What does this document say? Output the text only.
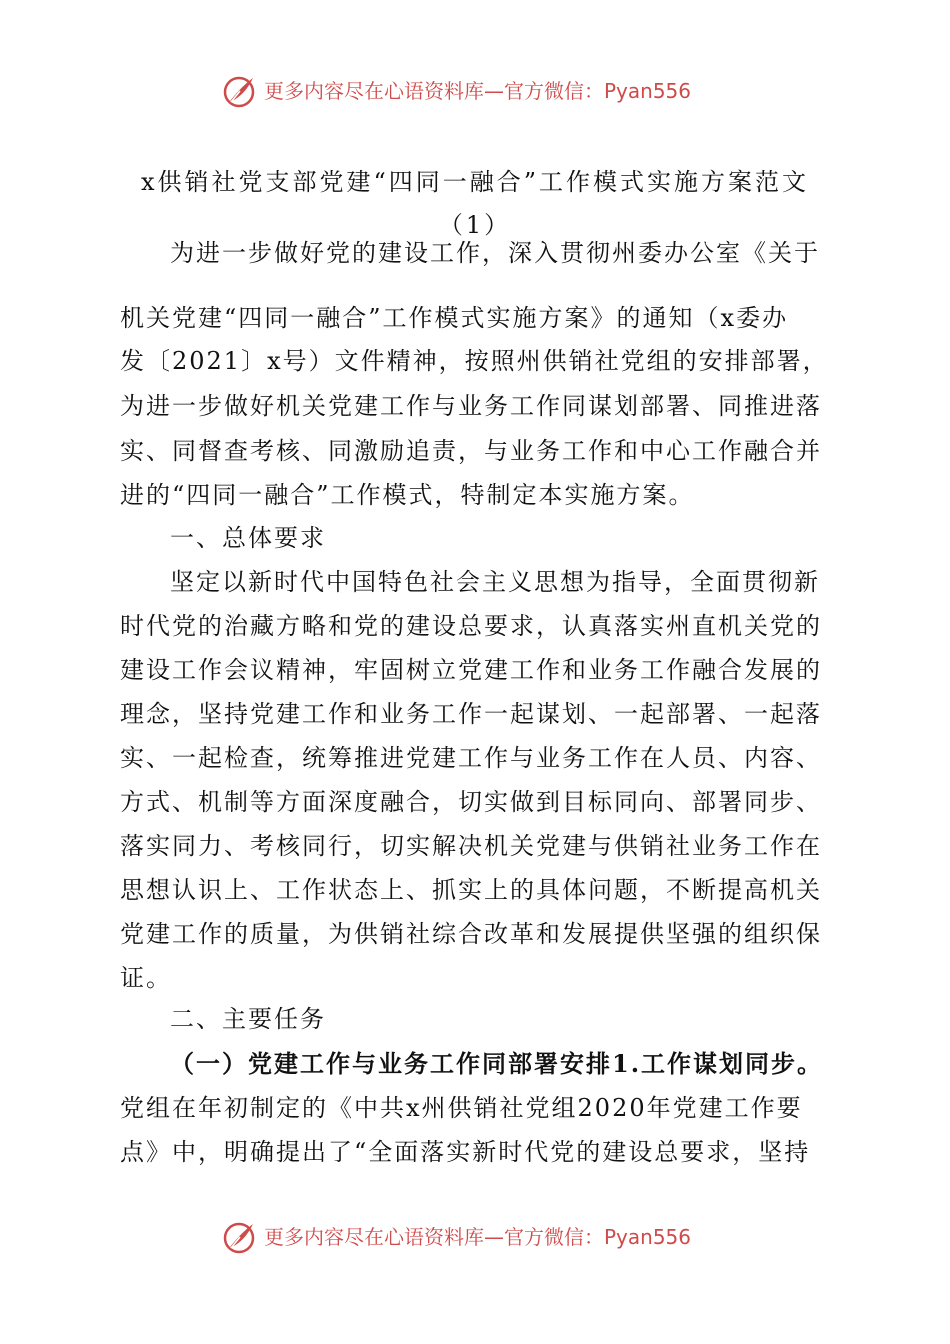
更多内容尽在心语资料库—官方微信：Pyan556
x供销社党支部党建“四同一融合”工作模式实施方案范文
（1）
为进一步做好党的建设工作，深入贯彻州委办公室《关于
机关党建“四同一融合”工作模式实施方案》的通知（x委办
发〔2021〕x号）文件精神，按照州供销社党组的安排部署，
为进一步做好机关党建工作与业务工作同谋划部署、同推进落
实、同督查考核、同激励追责，与业务工作和中心工作融合并
进的“四同一融合”工作模式，特制定本实施方案。
一、总体要求
坚定以新时代中国特色社会主义思想为指导，全面贯彻新
时代党的治藏方略和党的建设总要求，认真落实州直机关党的
建设工作会议精神，牢固树立党建工作和业务工作融合发展的
理念，坚持党建工作和业务工作一起谋划、一起部署、一起落
实、一起检查，统筹推进党建工作与业务工作在人员、内容、
方式、机制等方面深度融合，切实做到目标同向、部署同步、
落实同力、考核同行，切实解决机关党建与供销社业务工作在
思想认识上、工作状态上、抓实上的具体问题，不断提高机关
党建工作的质量，为供销社综合改革和发展提供坚强的组织保
证。
二、主要任务
（一）党建工作与业务工作同部署安排1.工作谋划同步。
党组在年初制定的《中共x州供销社党组2020年党建工作要
点》中，明确提出了“全面落实新时代党的建设总要求，坚持
更多内容尽在心语资料库—官方微信：Pyan556
